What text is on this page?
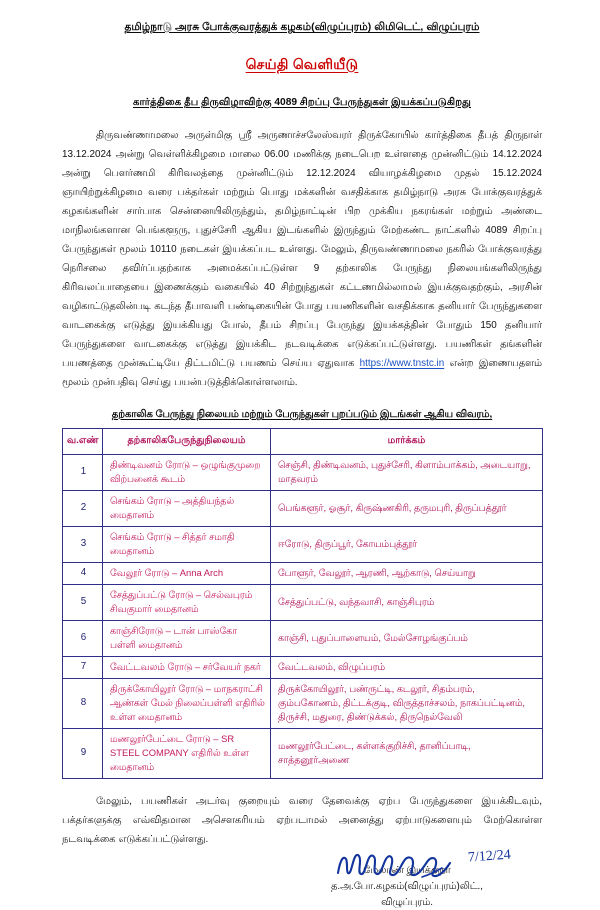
தமிழ்நாடு அரசு போக்குவரத்துக் கழகம்(விழுப்புரம்) லிமிடெட், விழுப்புரம்
செய்தி வெளியீடு
கார்த்திகை தீப திருவிழாவிற்கு 4089 சிறப்பு பேருந்துகள் இயக்கப்படுகிறது

திருவண்ணாமலை அருள்மிகு ஸ்ரீ அருணாச்சலேஸ்வரர் திருக்கோயில் கார்த்திகை தீபத் திருநாள் 13.12.2024 அன்று வெள்ளிக்கிழமை மாலை 06.00 மணிக்கு நடைபெற உள்ளதை முன்னிட்டும் 14.12.2024 அன்று பௌர்ணமி கிரிவலத்தை முன்னிட்டும் 12.12.2024 வியாழக்கிழமை முதல் 15.12.2024 ஞாயிற்றுக்கிழமை வரை பக்தர்கள் மற்றும் பொது மக்களின் வசதிக்காக தமிழ்நாடு அரசு போக்குவரத்துக் கழகங்களின் சார்பாக சென்னையிலிருந்தும், தமிழ்நாட்டின் பிற முக்கிய நகரங்கள் மற்றும் அண்டை மாநிலங்களான பெங்களூரு, புதுச்சேரி ஆகிய இடங்களில் இருந்தும் மேற்கண்ட நாட்களில் 4089 சிறப்பு பேருந்துகள் மூலம் 10110 நடைகள் இயக்கப்பட உள்ளது. மேலும், திருவண்ணாமலை நகரில் போக்குவரத்து நெரிசலை தவிர்ப்பதற்காக அமைக்கப்பட்டுள்ள 9 தற்காலிக பேருந்து நிலையங்களிலிருந்து கிரிவலப்பாதையை இணைக்கும் வகையில் 40 சிற்றுந்துகள் கட்டணமில்லாமல் இயக்குவதற்கும், அரசின் வழிகாட்டுதலின்படி கடந்த தீபாவளி பண்டிகையின் போது பயணிகளின் வசதிக்காக தனியார் பேருந்துகளை வாடகைக்கு எடுத்து இயக்கியது போல், தீபம் சிறப்பு பேருந்து இயக்கத்தின் போதும் 150 தனியார் பேருந்துகளை வாடகைக்கு எடுத்து இயக்கிட நடவடிக்கை எடுக்கப்பட்டுள்ளது. பயணிகள் தங்களின் பயணத்தை முன்கூட்டியே திட்டமிட்டு பயணம் செய்ய ஏதுவாக https://www.tnstc.in என்ற இணையதளம் மூலம் முன்பதிவு செய்து பயன்படுத்திக்கொள்ளலாம்.

தற்காலிக பேருந்து நிலையம் மற்றும் பேருந்துகள் புறப்படும் இடங்கள் ஆகிய விவரம்,
வ.எண்	தற்காலிகபேருந்துநிலையம்	மார்க்கம்
1	திண்டிவனம் ரோடு – ஒழுங்குமுறை விற்பனைக் கூடம்	செஞ்சி, திண்டிவனம், புதுச்சேரி, கிளாம்பாக்கம், அடையாறு, மாதவரம்
2	செங்கம் ரோடு – அத்தியந்தல் மைதானம்	பெங்களூர், ஓசூர், கிருஷ்ணகிரி, தருமபுரி, திருப்பத்தூர்
3	செங்கம் ரோடு – சித்தர் சமாதி மைதானம்	ஈரோடு, திருப்பூர், கோயம்புத்தூர்
4	வேலூர் ரோடு – Anna Arch	போளூர், வேலூர், ஆரணி, ஆற்காடு, செய்யாறு
5	சேத்துப்பட்டு ரோடு – செல்வபுரம் சிவகுமார் மைதானம்	சேத்துப்பட்டு, வந்தவாசி, காஞ்சிபுரம்
6	காஞ்சிரோடு – டான் பாஸ்கோ பள்ளி மைதானம்	காஞ்சி, புதுப்பாளையம், மேல்சோழங்குப்பம்
7	வேட்டவலம் ரோடு – சர்வேயர் நகர்	வேட்டவலம், விழுப்பரம்
8	திருக்கோயிலூர் ரோடு – மாநகராட்சி ஆண்கள் மேல் நிலைப்பள்ளி எதிரில் உள்ள மைதானம்	திருக்கோயிலூர், பண்ருட்டி, கடலூர், சிதம்பரம், கும்பகோணம், திட்டக்குடி, விருத்தாச்சலம், நாகப்பட்டினம், திருச்சி, மதுரை, திண்டுக்கல், திருநெல்வேலி
9	மணலூர்பேட்டை ரோடு – SR STEEL COMPANY எதிரில் உள்ள மைதானம்	மணலூர்பேட்டை, கள்ளக்குறிச்சி, தானிப்பாடி, சாத்தனூர்அணை

மேலும், பயணிகள் அடர்வு குறையும் வரை தேவைக்கு ஏற்ப பேருந்துகளை இயக்கிடவும், பக்தர்களுக்கு எவ்விதமான அசௌகரியம் ஏற்படாமல் அனைத்து ஏற்பாடுகளையும் மேற்கொள்ள நடவடிக்கை எடுக்கப்பட்டுள்ளது.

7/12/24
மேலாண் இயக்குநர்
த.அ.போ.கழகம்(விழுப்புரம்)லிட்.,
விழுப்புரம்.
